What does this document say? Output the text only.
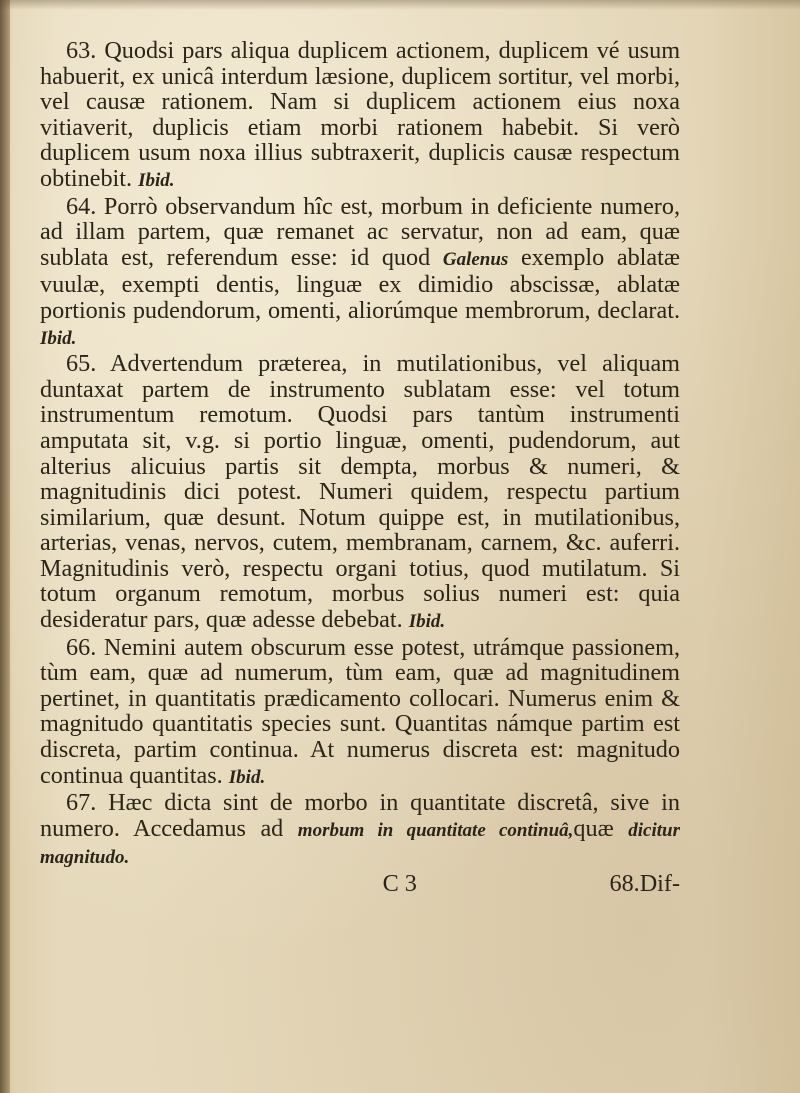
63. Quodsi pars aliqua duplicem actionem, duplicem vé usum habuerit, ex unicâ interdum læsione, duplicem sortitur, vel morbi, vel causæ rationem. Nam si duplicem actionem eius noxa vitiaverit, duplicis etiam morbi rationem habebit. Si verò duplicem usum noxa illius subtraxerit, duplicis causæ respectum obtinebit. Ibid.

64. Porrò observandum hîc est, morbum in deficiente numero, ad illam partem, quæ remanet ac servatur, non ad eam, quæ sublata est, referendum esse: id quod Galenus exemplo ablatæ vuulæ, exempti dentis, linguæ ex dimidio abscissæ, ablatæ portionis pudendorum, omenti, aliorúmque membrorum, declarat. Ibid.

65. Advertendum præterea, in mutilationibus, vel aliquam duntaxat partem de instrumento sublatam esse: vel totum instrumentum remotum. Quodsi pars tantùm instrumenti amputata sit, v.g. si portio linguæ, omenti, pudendorum, aut alterius alicuius partis sit dempta, morbus & numeri, & magnitudinis dici potest. Numeri quidem, respectu partium similarium, quæ desunt. Notum quippe est, in mutilationibus, arterias, venas, nervos, cutem, membranam, carnem, &c. auferri. Magnitudinis verò, respectu organi totius, quod mutilatum. Si totum organum remotum, morbus solius numeri est: quia desideratur pars, quæ adesse debebat. Ibid.

66. Nemini autem obscurum esse potest, utrámque passionem, tùm eam, quæ ad numerum, tùm eam, quæ ad magnitudinem pertinet, in quantitatis prædicamento collocari. Numerus enim & magnitudo quantitatis species sunt. Quantitas námque partim est discreta, partim continua. At numerus discreta est: magnitudo continua quantitas. Ibid.

67. Hæc dicta sint de morbo in quantitate discretâ, sive in numero. Accedamus ad morbum in quantitate continuâ,quæ dicitur magnitudo.

C 3	68.Dif-
